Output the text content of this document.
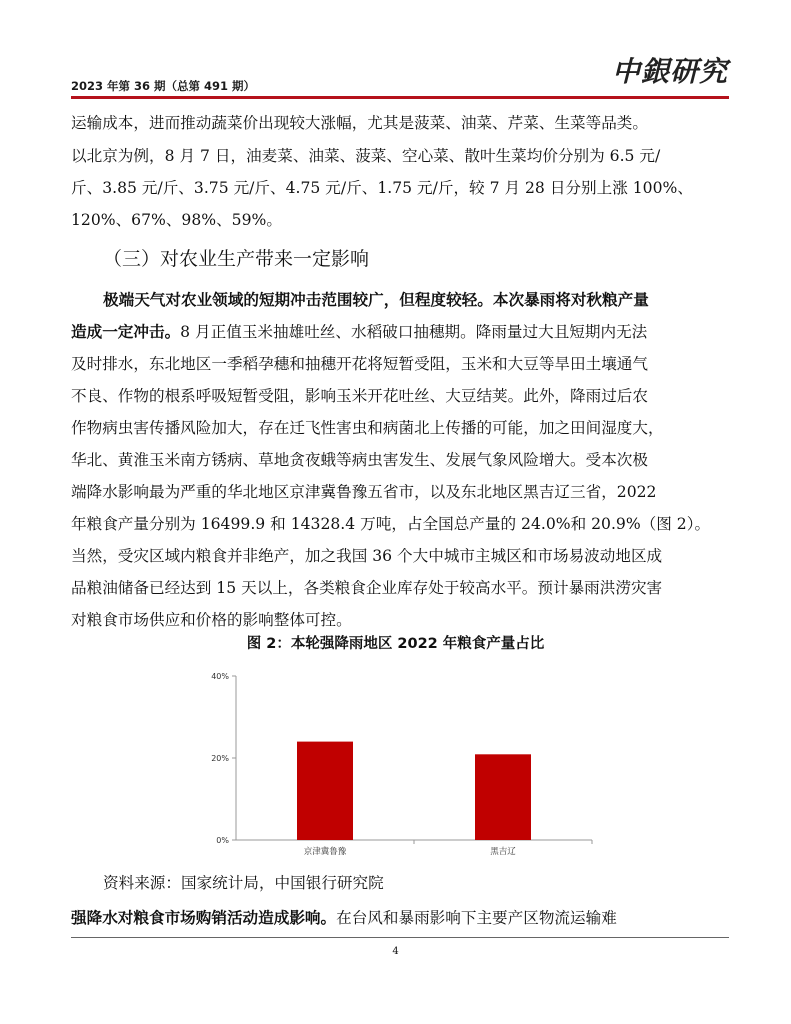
2023 年第 36 期（总第 491 期）	中銀研究
运输成本，进而推动蔬菜价出现较大涨幅，尤其是菠菜、油菜、芹菜、生菜等品类。
以北京为例，8 月 7 日，油麦菜、油菜、菠菜、空心菜、散叶生菜均价分别为 6.5 元/
斤、3.85 元/斤、3.75 元/斤、4.75 元/斤、1.75 元/斤，较 7 月 28 日分别上涨 100%、
120%、67%、98%、59%。
（三）对农业生产带来一定影响
极端天气对农业领域的短期冲击范围较广，但程度较轻。本次暴雨将对秋粮产量
造成一定冲击。8 月正值玉米抽雄吐丝、水稻破口抽穗期。降雨量过大且短期内无法
及时排水，东北地区一季稻孕穗和抽穗开花将短暂受阻，玉米和大豆等旱田土壤通气
不良、作物的根系呼吸短暂受阻，影响玉米开花吐丝、大豆结荚。此外，降雨过后农
作物病虫害传播风险加大，存在迁飞性害虫和病菌北上传播的可能，加之田间湿度大，
华北、黄淮玉米南方锈病、草地贪夜蛾等病虫害发生、发展气象风险增大。受本次极
端降水影响最为严重的华北地区京津冀鲁豫五省市，以及东北地区黑吉辽三省，2022
年粮食产量分别为 16499.9 和 14328.4 万吨，占全国总产量的 24.0%和 20.9%（图 2）。
当然，受灾区域内粮食并非绝产，加之我国 36 个大中城市主城区和市场易波动地区成
品粮油储备已经达到 15 天以上，各类粮食企业库存处于较高水平。预计暴雨洪涝灾害
对粮食市场供应和价格的影响整体可控。
图 2：本轮强降雨地区 2022 年粮食产量占比
0%
20%
40%
京津冀鲁豫	黑吉辽
资料来源：国家统计局，中国银行研究院
强降水对粮食市场购销活动造成影响。在台风和暴雨影响下主要产区物流运输难
4
